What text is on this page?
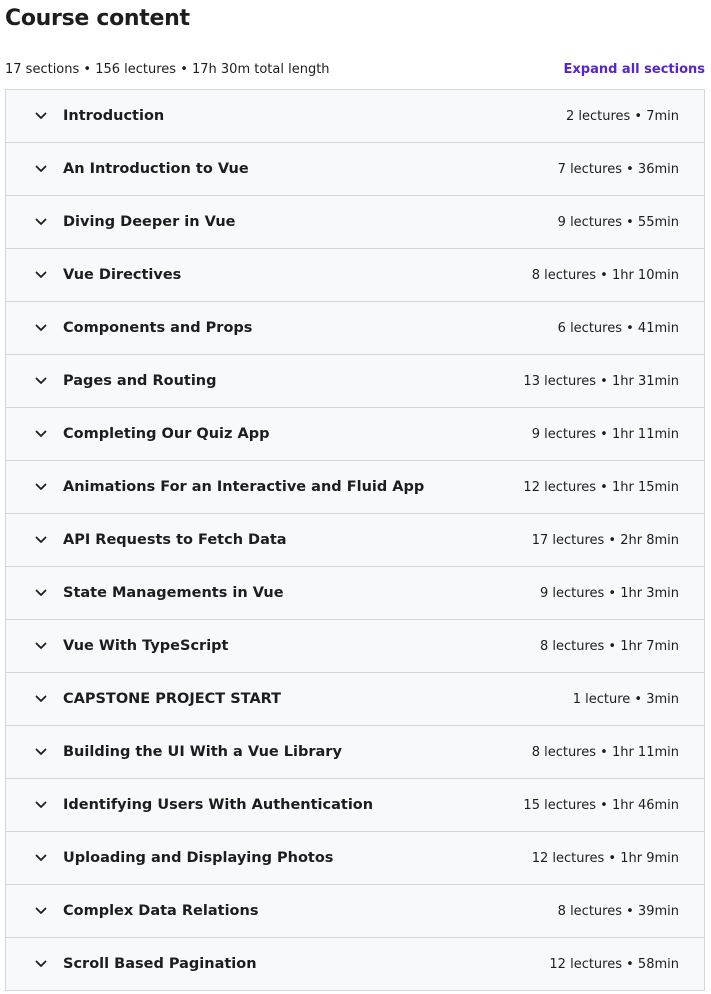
Course content
17 sections • 156 lectures • 17h 30m total length	Expand all sections
Introduction	2 lectures • 7min
An Introduction to Vue	7 lectures • 36min
Diving Deeper in Vue	9 lectures • 55min
Vue Directives	8 lectures • 1hr 10min
Components and Props	6 lectures • 41min
Pages and Routing	13 lectures • 1hr 31min
Completing Our Quiz App	9 lectures • 1hr 11min
Animations For an Interactive and Fluid App	12 lectures • 1hr 15min
API Requests to Fetch Data	17 lectures • 2hr 8min
State Managements in Vue	9 lectures • 1hr 3min
Vue With TypeScript	8 lectures • 1hr 7min
CAPSTONE PROJECT START	1 lecture • 3min
Building the UI With a Vue Library	8 lectures • 1hr 11min
Identifying Users With Authentication	15 lectures • 1hr 46min
Uploading and Displaying Photos	12 lectures • 1hr 9min
Complex Data Relations	8 lectures • 39min
Scroll Based Pagination	12 lectures • 58min
